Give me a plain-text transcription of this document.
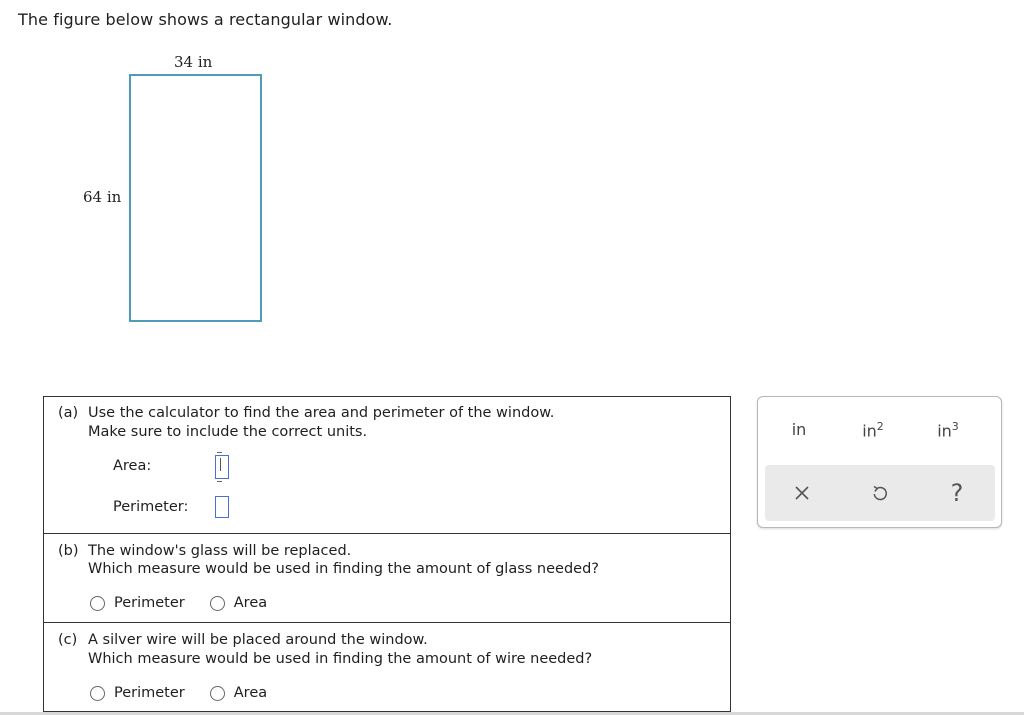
The figure below shows a rectangular window.
34 in
64 in
(a) Use the calculator to find the area and perimeter of the window.
Make sure to include the correct units.
Area:
Perimeter:
(b) The window's glass will be replaced.
Which measure would be used in finding the amount of glass needed?
Perimeter	Area
(c) A silver wire will be placed around the window.
Which measure would be used in finding the amount of wire needed?
Perimeter	Area
in	$in^2$	$in^3$
?
